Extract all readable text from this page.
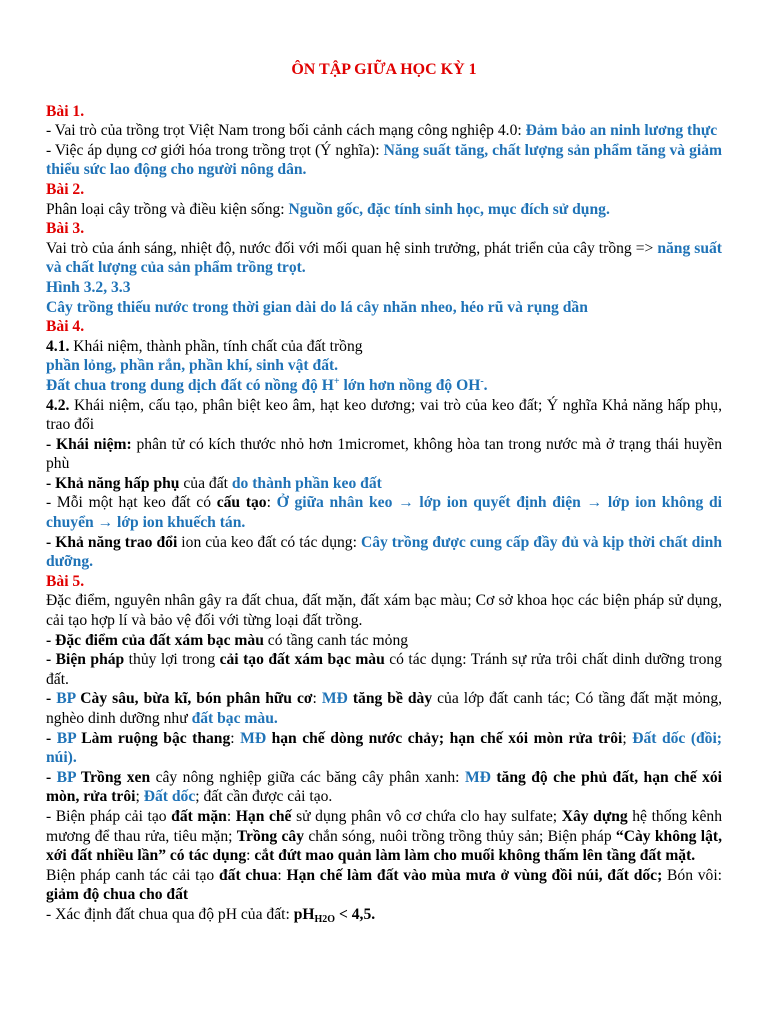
ÔN TẬP GIỮA HỌC KỲ 1

Bài 1.

- Vai trò của trồng trọt Việt Nam trong bối cảnh cách mạng công nghiệp 4.0: Đảm bảo an ninh lương thực

- Việc áp dụng cơ giới hóa trong trồng trọt (Ý nghĩa): Năng suất tăng, chất lượng sản phẩm tăng và giảm thiểu sức lao động cho người nông dân.

Bài 2.

Phân loại cây trồng và điều kiện sống: Nguồn gốc, đặc tính sinh học, mục đích sử dụng.

Bài 3.

Vai trò của ánh sáng, nhiệt độ, nước đối với mối quan hệ sinh trưởng, phát triển của cây trồng => năng suất và chất lượng của sản phẩm trồng trọt.

Hình 3.2, 3.3

Cây trồng thiếu nước trong thời gian dài do lá cây nhăn nheo, héo rũ và rụng dần

Bài 4.

4.1. Khái niệm, thành phần, tính chất của đất trồng

phần lỏng, phần rắn, phần khí, sinh vật đất.

Đất chua trong dung dịch đất có nồng độ H+ lớn hơn nồng độ OH-.

4.2. Khái niệm, cấu tạo, phân biệt keo âm, hạt keo dương; vai trò của keo đất; Ý nghĩa Khả năng hấp phụ, trao đổi

- Khái niệm: phân tử có kích thước nhỏ hơn 1micromet, không hòa tan trong nước mà ở trạng thái huyền phù

- Khả năng hấp phụ của đất do thành phần keo đất

- Mỗi một hạt keo đất có cấu tạo: Ở giữa nhân keo → lớp ion quyết định điện → lớp ion không di chuyển → lớp ion khuếch tán.

- Khả năng trao đổi ion của keo đất có tác dụng: Cây trồng được cung cấp đầy đủ và kịp thời chất dinh dưỡng.

Bài 5.

Đặc điểm, nguyên nhân gây ra đất chua, đất mặn, đất xám bạc màu; Cơ sở khoa học các biện pháp sử dụng, cải tạo hợp lí và bảo vệ đối với từng loại đất trồng.

- Đặc điểm của đất xám bạc màu có tầng canh tác mỏng

- Biện pháp thủy lợi trong cải tạo đất xám bạc màu có tác dụng: Tránh sự rửa trôi chất dinh dưỡng trong đất.

- BP Cày sâu, bừa kĩ, bón phân hữu cơ: MĐ tăng bề dày của lớp đất canh tác; Có tầng đất mặt mỏng, nghèo dinh dưỡng như đất bạc màu.

- BP Làm ruộng bậc thang: MĐ hạn chế dòng nước chảy; hạn chế xói mòn rửa trôi; Đất dốc (đồi; núi).

- BP Trồng xen cây nông nghiệp giữa các băng cây phân xanh: MĐ tăng độ che phủ đất, hạn chế xói mòn, rửa trôi; Đất dốc; đất cần được cải tạo.

- Biện pháp cải tạo đất mặn: Hạn chế sử dụng phân vô cơ chứa clo hay sulfate; Xây dựng hệ thống kênh mương để thau rửa, tiêu mặn; Trồng cây chắn sóng, nuôi trồng trồng thủy sản; Biện pháp “Cày không lật, xới đất nhiều lần” có tác dụng: cắt đứt mao quản làm làm cho muối không thấm lên tầng đất mặt.

Biện pháp canh tác cải tạo đất chua: Hạn chế làm đất vào mùa mưa ở vùng đồi núi, đất dốc; Bón vôi: giảm độ chua cho đất

- Xác định đất chua qua độ pH của đất: $pH_{H2O} < 4,5$.
